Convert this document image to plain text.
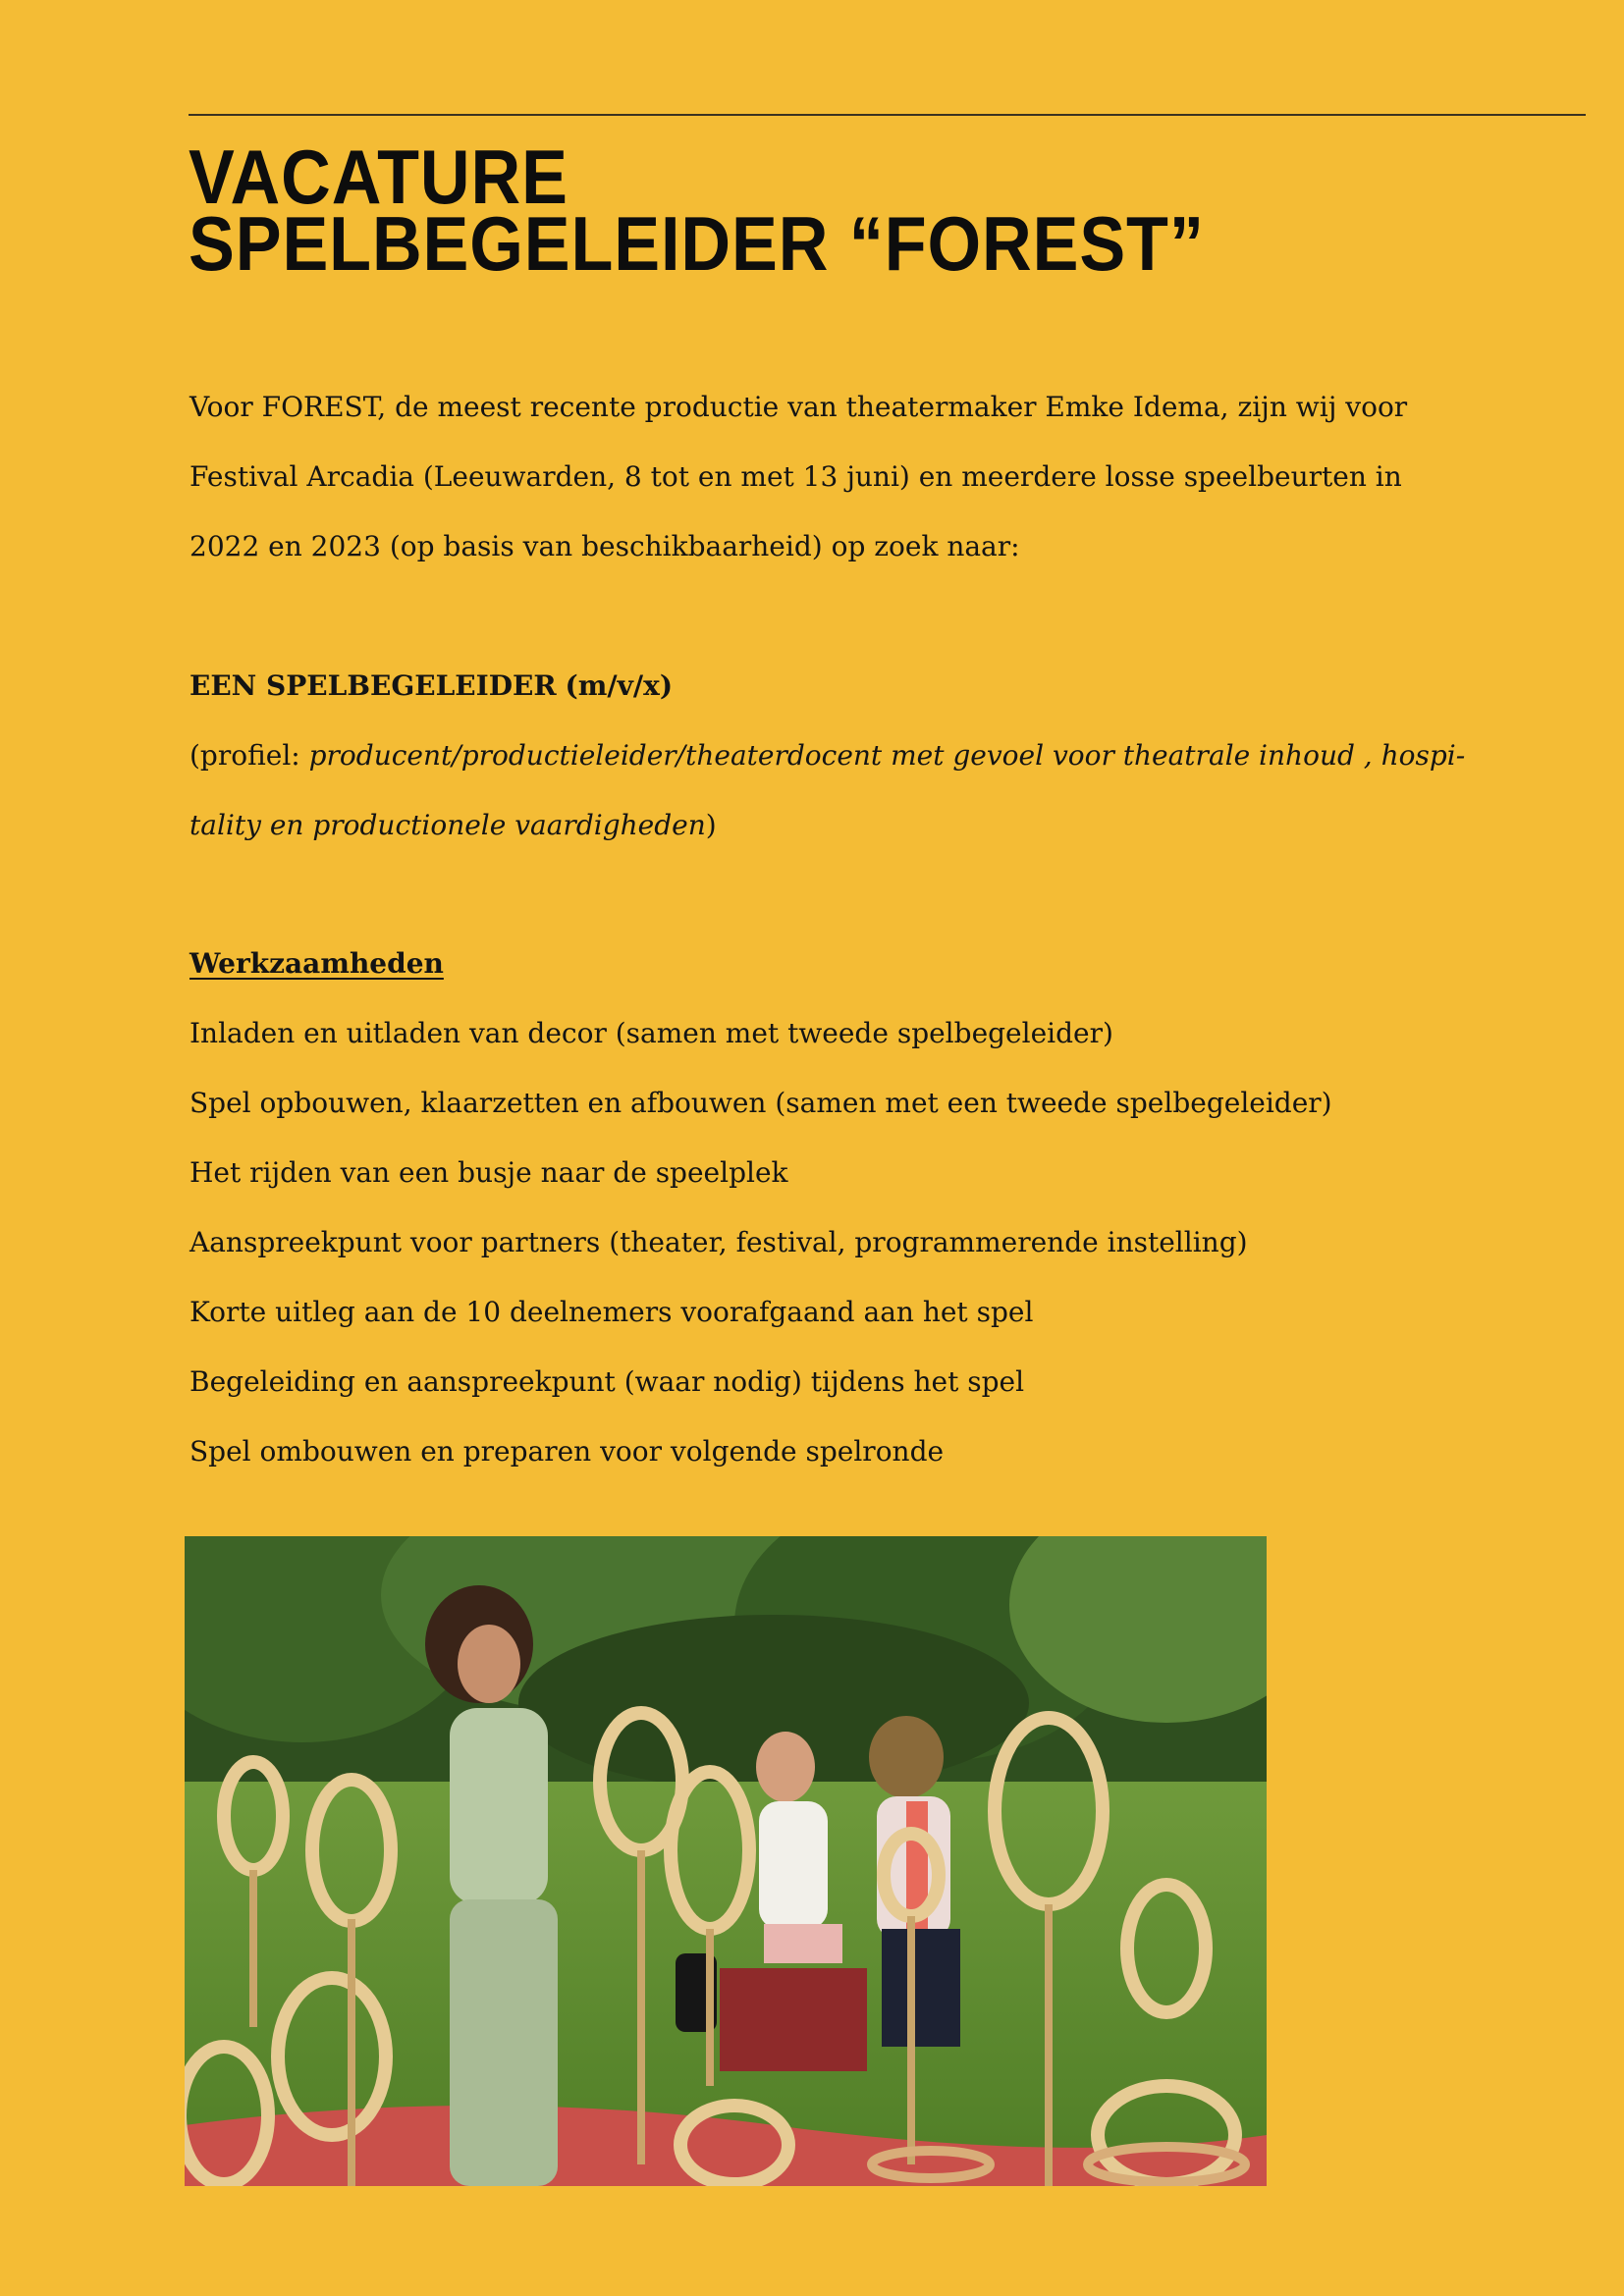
VACATURE
SPELBEGELEIDER “FOREST”

Voor FOREST, de meest recente productie van theatermaker Emke Idema, zijn wij voor

Festival Arcadia (Leeuwarden, 8 tot en met 13 juni) en meerdere losse speelbeurten in

2022 en 2023 (op basis van beschikbaarheid) op zoek naar:

EEN SPELBEGELEIDER (m/v/x)

(profiel: producent/productieleider/theaterdocent met gevoel voor theatrale inhoud , hospi-

tality en productionele vaardigheden)

Werkzaamheden
Inladen en uitladen van decor (samen met tweede spelbegeleider)
Spel opbouwen, klaarzetten en afbouwen (samen met een tweede spelbegeleider)
Het rijden van een busje naar de speelplek
Aanspreekpunt voor partners (theater, festival, programmerende instelling)
Korte uitleg aan de 10 deelnemers voorafgaand aan het spel
Begeleiding en aanspreekpunt (waar nodig) tijdens het spel
Spel ombouwen en preparen voor volgende spelronde
